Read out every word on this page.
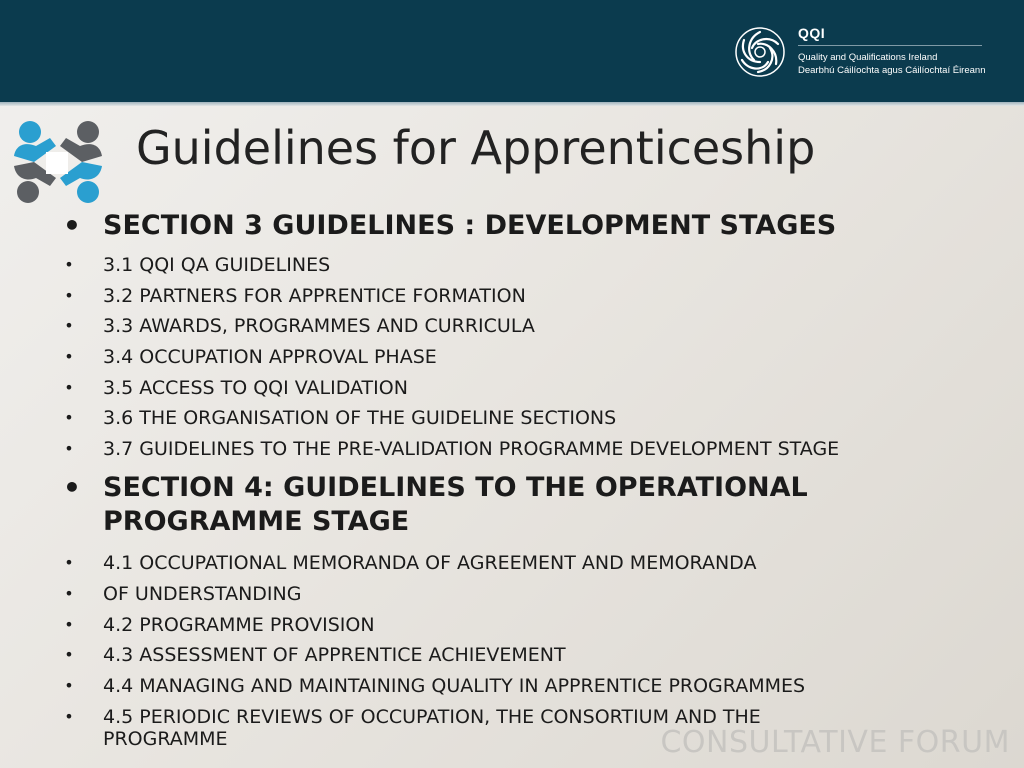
QQI
Quality and Qualifications Ireland
Dearbhú Cáilíochta agus Cáilíochtaí Éireann
Guidelines for Apprenticeship
• SECTION 3 GUIDELINES : DEVELOPMENT STAGES
• 3.1 QQI QA GUIDELINES
• 3.2 PARTNERS FOR APPRENTICE FORMATION
• 3.3 AWARDS, PROGRAMMES AND CURRICULA
• 3.4 OCCUPATION APPROVAL PHASE
• 3.5 ACCESS TO QQI VALIDATION
• 3.6 THE ORGANISATION OF THE GUIDELINE SECTIONS
• 3.7 GUIDELINES TO THE PRE-VALIDATION PROGRAMME DEVELOPMENT STAGE
• SECTION 4: GUIDELINES TO THE OPERATIONAL PROGRAMME STAGE
• 4.1 OCCUPATIONAL MEMORANDA OF AGREEMENT AND MEMORANDA
• OF UNDERSTANDING
• 4.2 PROGRAMME PROVISION
• 4.3 ASSESSMENT OF APPRENTICE ACHIEVEMENT
• 4.4 MANAGING AND MAINTAINING QUALITY IN APPRENTICE PROGRAMMES
• 4.5 PERIODIC REVIEWS OF OCCUPATION, THE CONSORTIUM AND THE PROGRAMME	CONSULTATIVE FORUM
